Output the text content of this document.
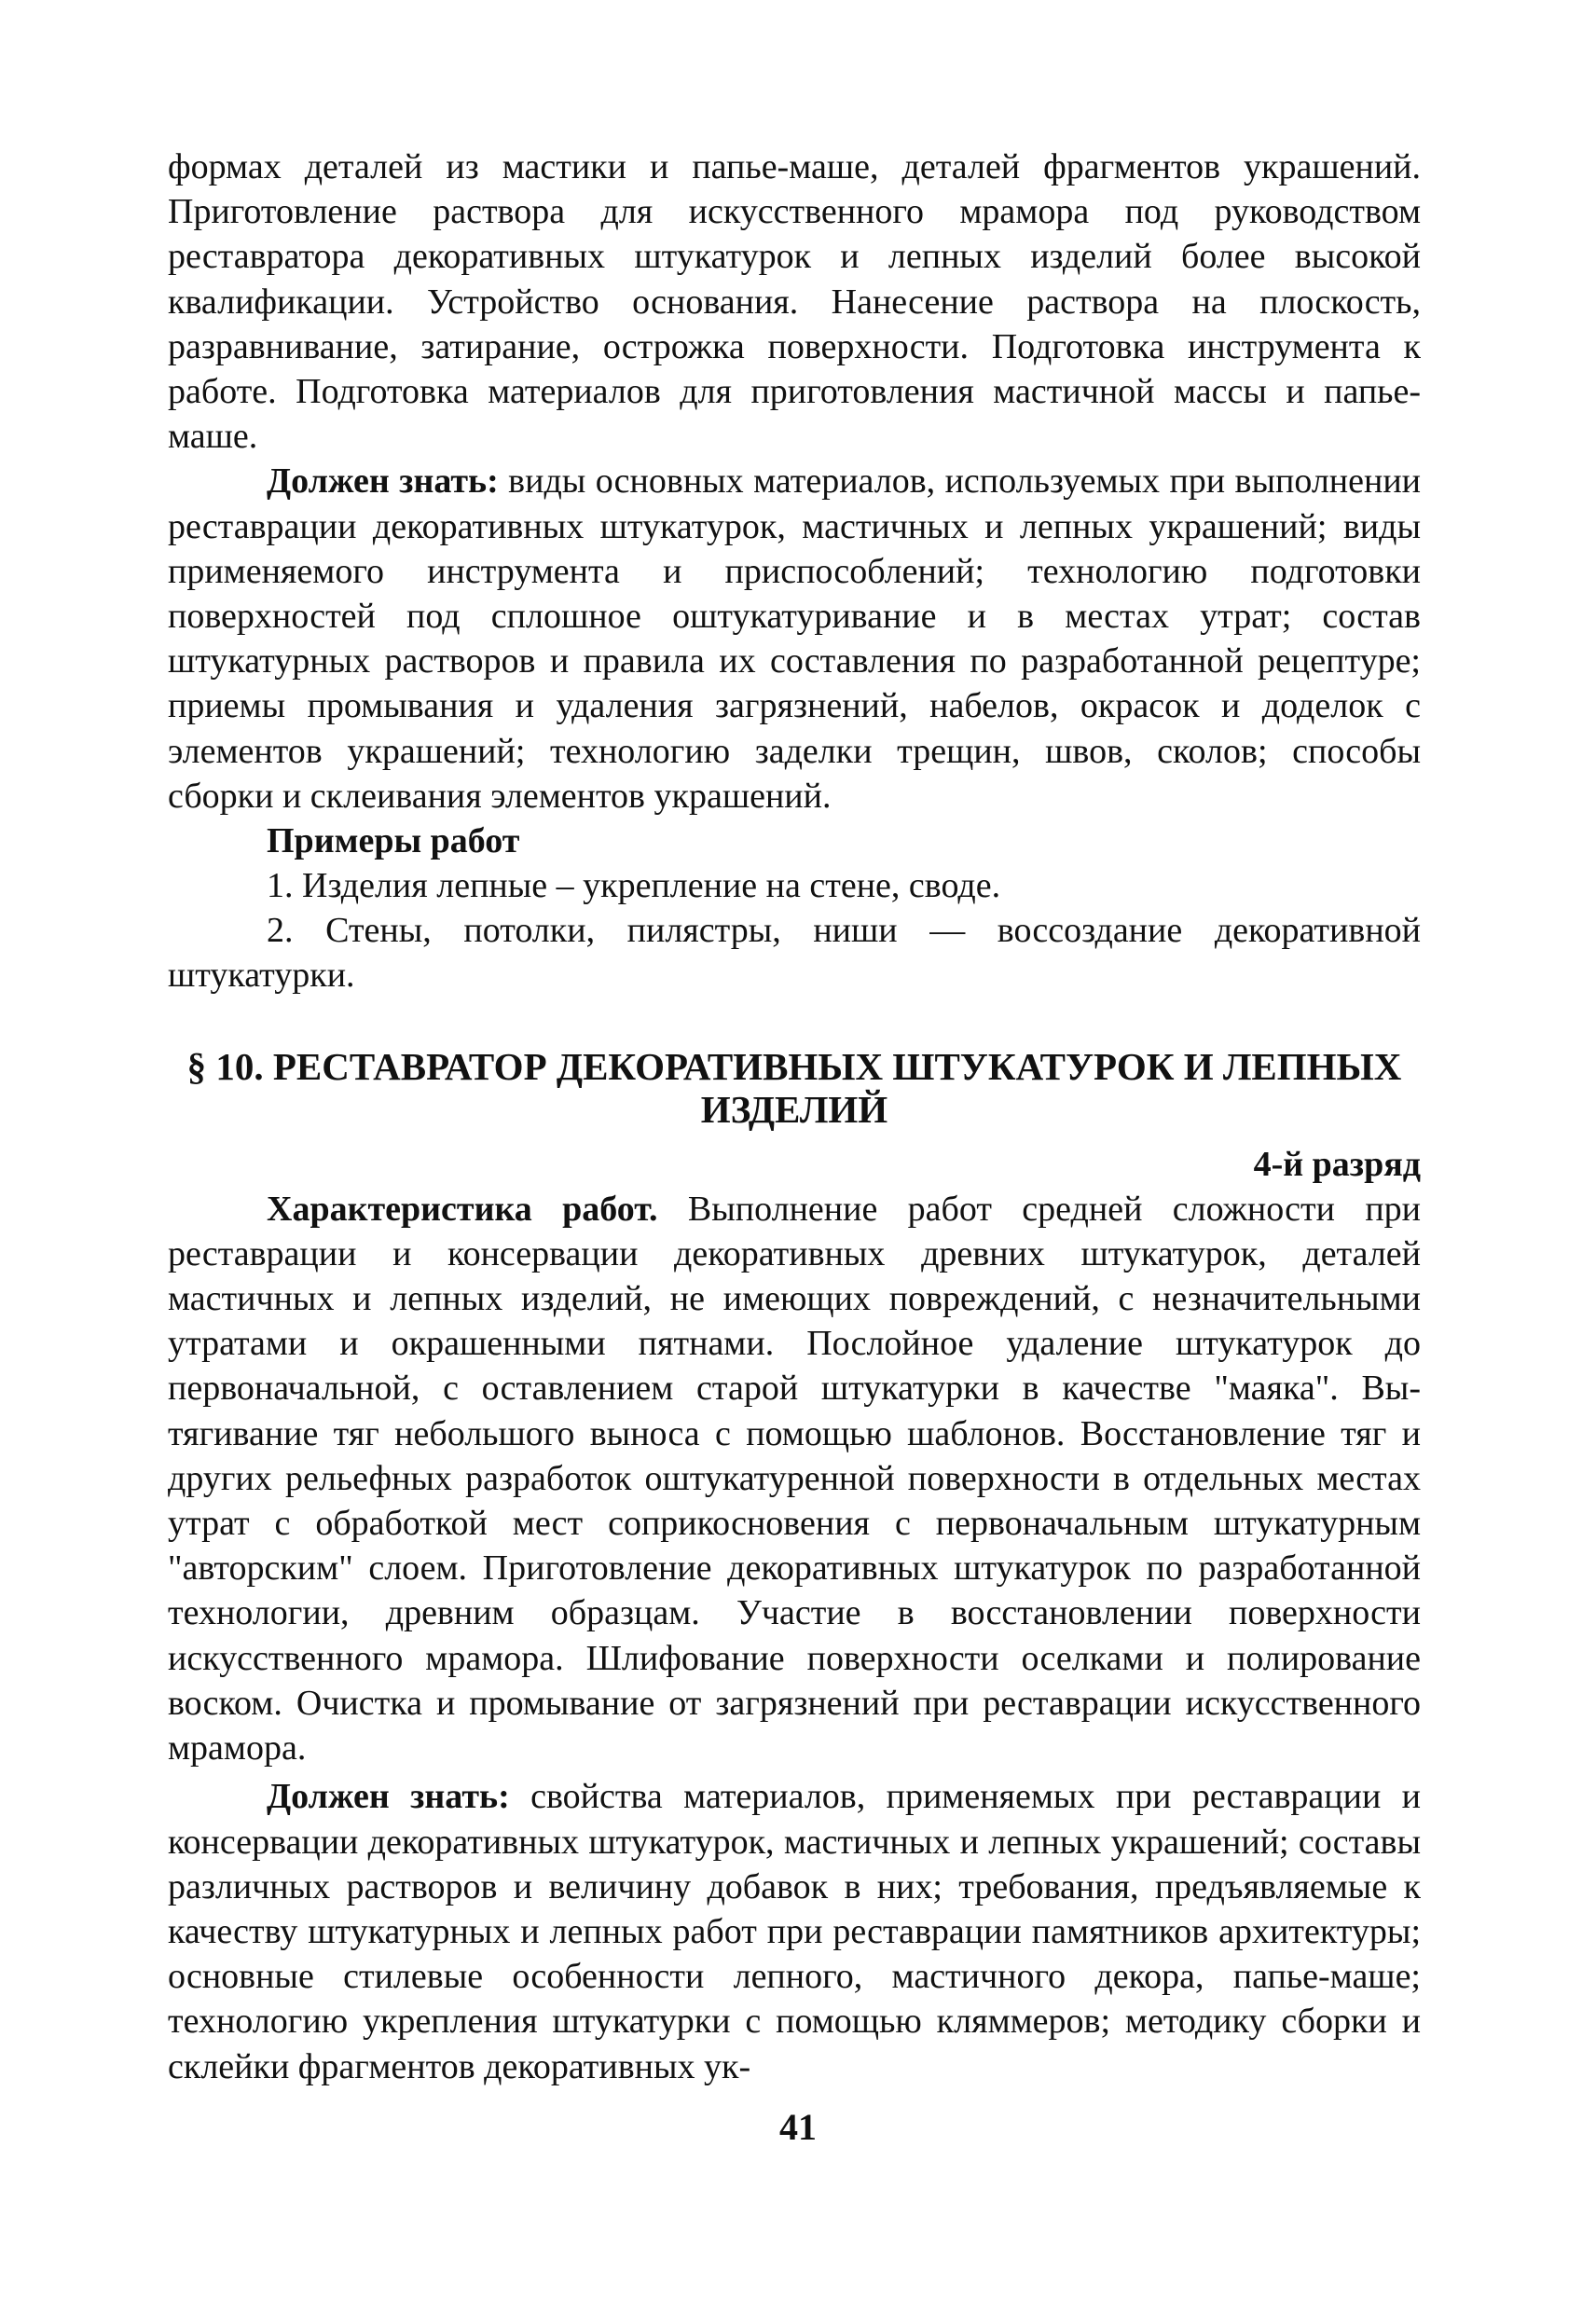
формах деталей из мастики и папье-маше, деталей фрагментов украшений. Приготовление раствора для искусственного мрамора под руководством реставратора декоративных штукатурок и лепных изделий более высокой квалификации. Устройство основания. Нанесение раствора на плоскость, разравнивание, затирание, острожка поверхности. Подготовка инструмента к работе. Подготовка материалов для приготовления мастичной массы и папье-маше.

Должен знать: виды основных материалов, используемых при выполнении реставрации декоративных штукатурок, мастичных и лепных украшений; виды применяемого инструмента и приспособлений; технологию подготовки поверхностей под сплошное оштукатуривание и в местах утрат; состав штукатурных растворов и правила их составления по разработанной рецептуре; приемы промывания и удаления загрязнений, набелов, окрасок и доделок с элементов украшений; технологию заделки трещин, швов, сколов; способы сборки и склеивания элементов украшений.

Примеры работ

1. Изделия лепные – укрепление на стене, своде.

2. Стены, потолки, пилястры, ниши — воссоздание декоративной штукатурки.

§ 10. РЕСТАВРАТОР ДЕКОРАТИВНЫХ ШТУКАТУРОК И ЛЕПНЫХ ИЗДЕЛИЙ

4-й разряд

Характеристика работ. Выполнение работ средней сложности при реставрации и консервации декоративных древних штукатурок, деталей мастичных и лепных изделий, не имеющих повреждений, с незначительными утратами и окрашенными пятнами. Послойное удаление штукатурок до первоначальной, с оставлением старой штукатурки в качестве "маяка". Вытягивание тяг небольшого выноса с помощью шаблонов. Восстановление тяг и других рельефных разработок оштукатуренной поверхности в отдельных местах утрат с обработкой мест соприкосновения с первоначальным штукатурным "авторским" слоем. Приготовление декоративных штукатурок по разработанной технологии, древним образцам. Участие в восстановлении поверхности искусственного мрамора. Шлифование поверхности оселками и полирование воском. Очистка и промывание от загрязнений при реставрации искусственного мрамора.

Должен знать: свойства материалов, применяемых при реставрации и консервации декоративных штукатурок, мастичных и лепных украшений; составы различных растворов и величину добавок в них; требования, предъявляемые к качеству штукатурных и лепных работ при реставрации памятников архитектуры; основные стилевые особенности лепного, мастичного декора, папье-маше; технологию укрепления штукатурки с помощью кляммеров; методику сборки и склейки фрагментов декоративных ук-

41
